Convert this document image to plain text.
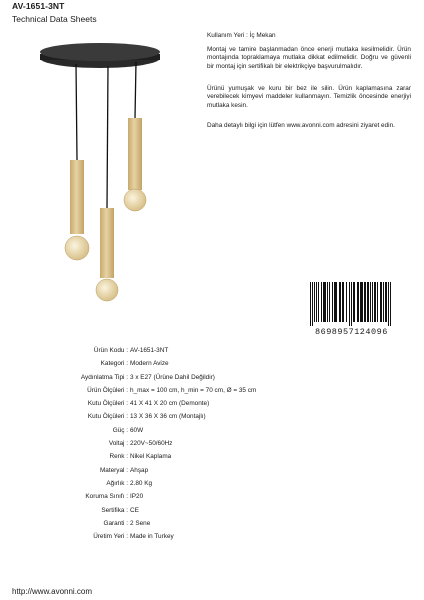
AV-1651-3NT
Technical Data Sheets
Kullanım Yeri : İç Mekan
Montaj ve tamire başlanmadan önce enerji mutlaka kesilmelidir. Ürün montajında topraklamaya mutlaka dikkat edilmelidir. Doğru ve güvenli bir montaj için sertifikalı bir elektrikçiye başvurulmalıdır.
Ürünü yumuşak ve kuru bir bez ile silin. Ürün kaplamasına zarar verebilecek kimyevi maddeler kullanmayın. Temizlik öncesinde enerjiyi mutlaka kesin.
Daha detaylı bilgi için lütfen www.avonni.com adresini ziyaret edin.
8698957124096
Ürün Kodu : AV-1651-3NT
Kategori : Modern Avize
Aydınlatma Tipi : 3 x E27 (Ürüne Dahil Değildir)
Ürün Ölçüleri : h_max = 100 cm, h_min = 70 cm, Ø = 35 cm
Kutu Ölçüleri : 41 X 41 X 20 cm (Demonte)
Kutu Ölçüleri : 13 X 36 X 36 cm (Montajlı)
Güç : 60W
Voltaj : 220V~50/60Hz
Renk : Nikel Kaplama
Materyal : Ahşap
Ağırlık : 2.80 Kg
Koruma Sınıfı : IP20
Sertifika : CE
Garanti : 2 Sene
Üretim Yeri : Made in Turkey
http://www.avonni.com
